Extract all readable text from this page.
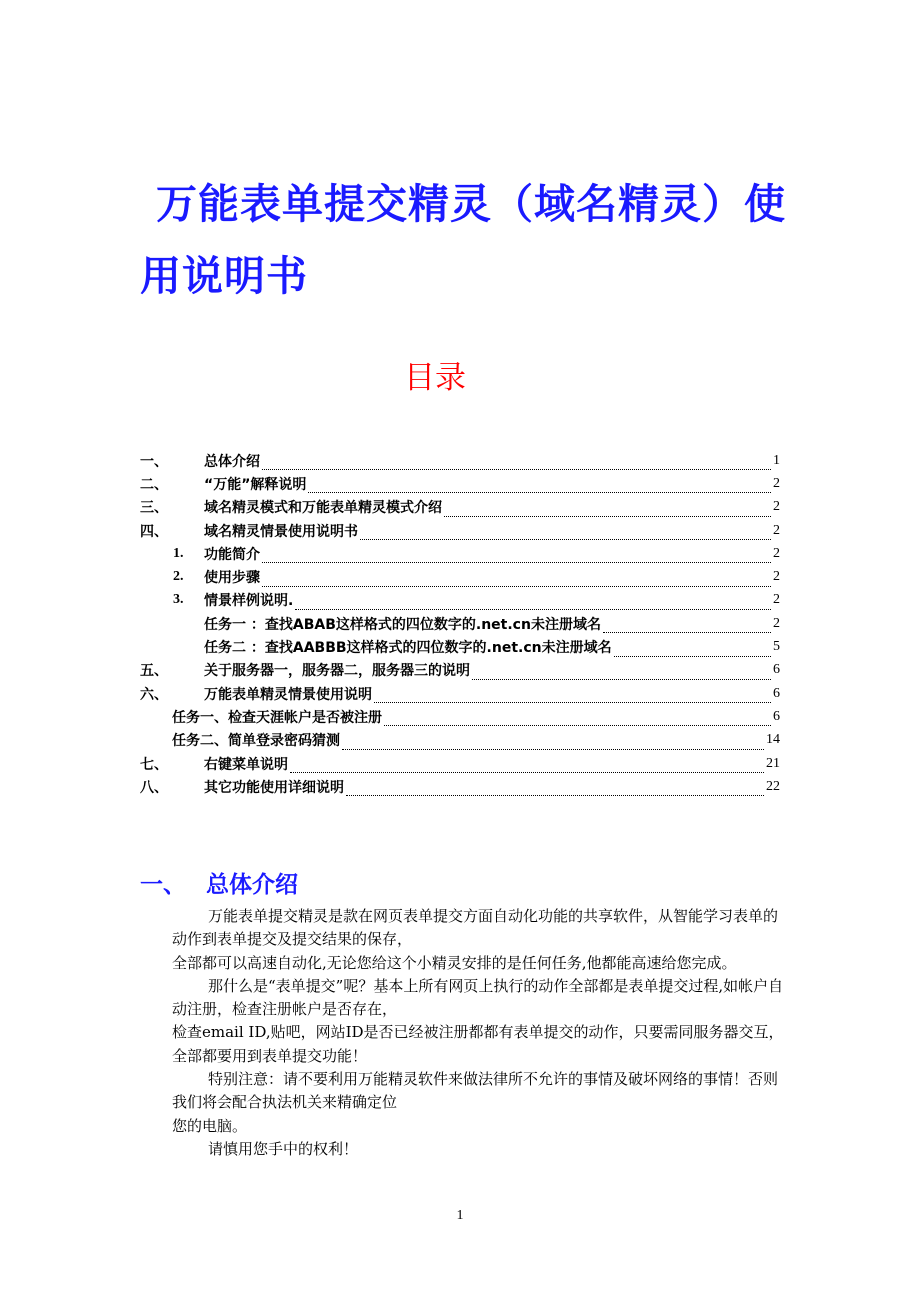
万能表单提交精灵（域名精灵）使
用说明书
目录
一、	总体介绍	1
二、	“万能”解释说明	2
三、	域名精灵模式和万能表单精灵模式介绍	2
四、	域名精灵情景使用说明书	2
1. 功能简介	2
2. 使用步骤	2
3. 情景样例说明.	2
任务一 ：查找ABAB这样格式的四位数字的.net.cn未注册域名	2
任务二 ：查找AABBB这样格式的四位数字的.net.cn未注册域名	5
五、	关于服务器一，服务器二，服务器三的说明	6
六、	万能表单精灵情景使用说明	6
任务一、检查天涯帐户是否被注册	6
任务二、简单登录密码猜测	14
七、	右键菜单说明	21
八、	其它功能使用详细说明	22
一、 总体介绍

万能表单提交精灵是款在网页表单提交方面自动化功能的共享软件，从智能学习表单的动作到表单提交及提交结果的保存，

全部都可以高速自动化,无论您给这个小精灵安排的是任何任务,他都能高速给您完成。

那什么是“表单提交”呢？基本上所有网页上执行的动作全部都是表单提交过程,如帐户自动注册，检查注册帐户是否存在，

检查email ID,贴吧，网站ID是否已经被注册都都有表单提交的动作，只要需同服务器交互，全部都要用到表单提交功能！

特别注意：请不要利用万能精灵软件来做法律所不允许的事情及破坏网络的事情！否则我们将会配合执法机关来精确定位

您的电脑。

请慎用您手中的权利！

1
